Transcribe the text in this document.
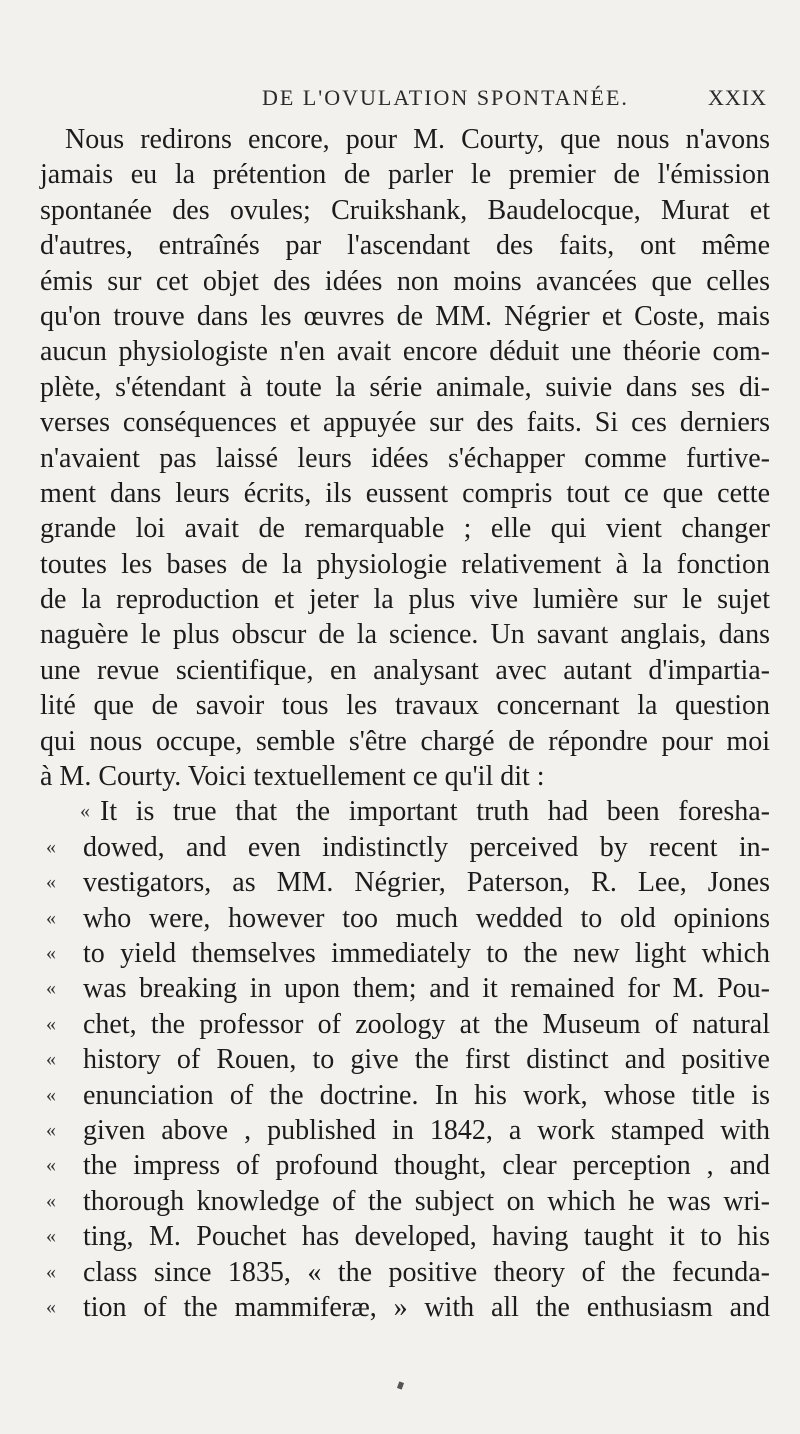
DE L'OVULATION SPONTANÉE.	XXIX
Nous redirons encore, pour M. Courty, que nous n'avons
jamais eu la prétention de parler le premier de l'émission
spontanée des ovules; Cruikshank, Baudelocque, Murat et
d'autres, entraînés par l'ascendant des faits, ont même
émis sur cet objet des idées non moins avancées que celles
qu'on trouve dans les œuvres de MM. Négrier et Coste, mais
aucun physiologiste n'en avait encore déduit une théorie com-
plète, s'étendant à toute la série animale, suivie dans ses di-
verses conséquences et appuyée sur des faits. Si ces derniers
n'avaient pas laissé leurs idées s'échapper comme furtive-
ment dans leurs écrits, ils eussent compris tout ce que cette
grande loi avait de remarquable ; elle qui vient changer
toutes les bases de la physiologie relativement à la fonction
de la reproduction et jeter la plus vive lumière sur le sujet
naguère le plus obscur de la science. Un savant anglais, dans
une revue scientifique, en analysant avec autant d'impartia-
lité que de savoir tous les travaux concernant la question
qui nous occupe, semble s'être chargé de répondre pour moi
à M. Courty. Voici textuellement ce qu'il dit :
« It is true that the important truth had been foresha-
« dowed, and even indistinctly perceived by recent in-
« vestigators, as MM. Négrier, Paterson, R. Lee, Jones
« who were, however too much wedded to old opinions
« to yield themselves immediately to the new light which
« was breaking in upon them; and it remained for M. Pou-
« chet, the professor of zoology at the Museum of natural
« history of Rouen, to give the first distinct and positive
« enunciation of the doctrine. In his work, whose title is
« given above , published in 1842, a work stamped with
« the impress of profound thought, clear perception , and
« thorough knowledge of the subject on which he was wri-
« ting, M. Pouchet has developed, having taught it to his
« class since 1835, « the positive theory of the fecunda-
« tion of the mammiferæ, » with all the enthusiasm and
